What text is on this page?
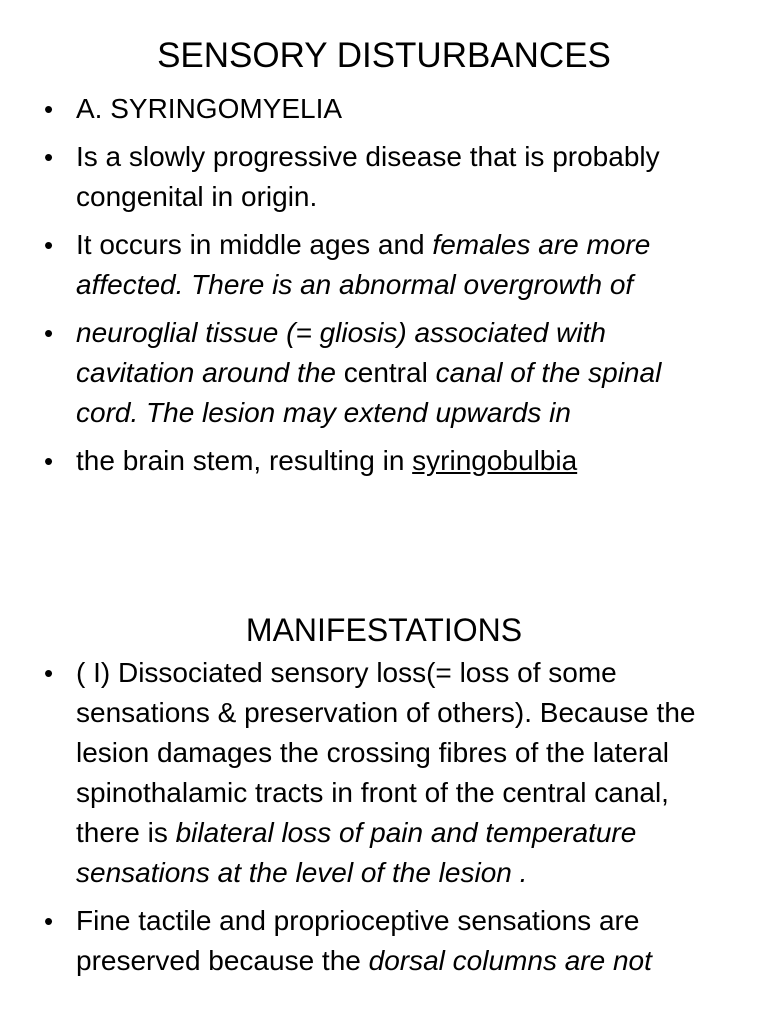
SENSORY DISTURBANCES
• A. SYRINGOMYELIA
• Is a slowly progressive disease that is probably congenital in origin.
• It occurs in middle ages and females are more affected. There is an abnormal overgrowth of
• neuroglial tissue (= gliosis) associated with cavitation around the central canal of the spinal cord. The lesion may extend upwards in
• the brain stem, resulting in syringobulbia
MANIFESTATIONS
• ( I) Dissociated sensory loss(= loss of some sensations & preservation of others). Because the lesion damages the crossing fibres of the lateral spinothalamic tracts in front of the central canal, there is bilateral loss of pain and temperature sensations at the level of the lesion .
• Fine tactile and proprioceptive sensations are preserved because the dorsal columns are not
